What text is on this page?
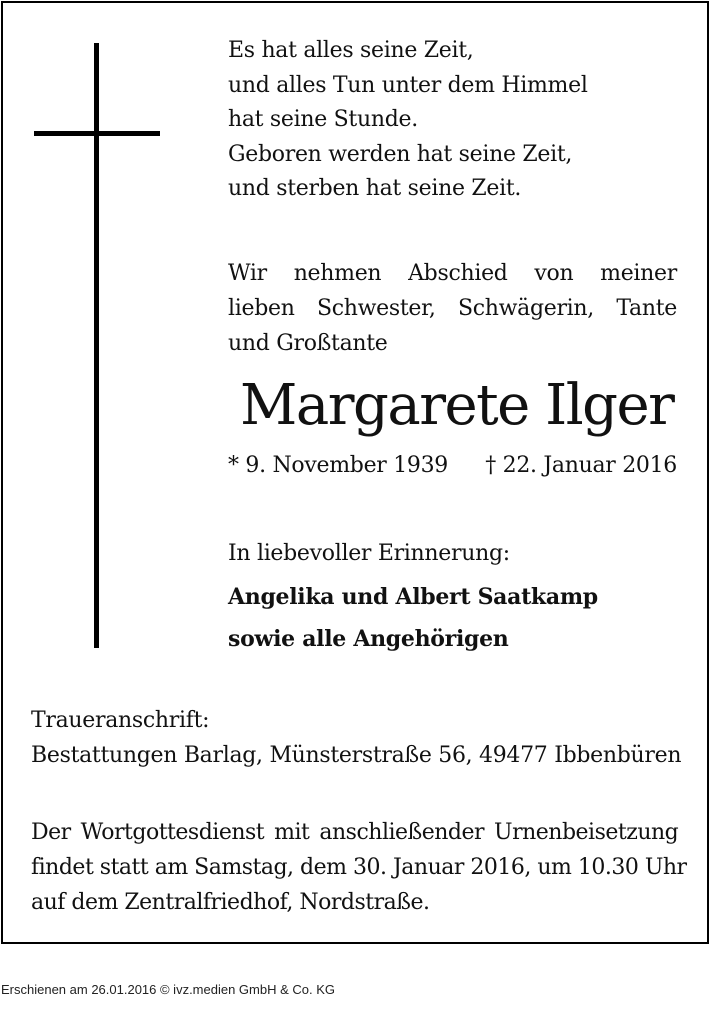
Es hat alles seine Zeit,
und alles Tun unter dem Himmel
hat seine Stunde.
Geboren werden hat seine Zeit,
und sterben hat seine Zeit.
Wir nehmen Abschied von meiner
lieben Schwester, Schwägerin, Tante
und Großtante
Margarete Ilger
* 9. November 1939 † 22. Januar 2016
In liebevoller Erinnerung:
Angelika und Albert Saatkamp
sowie alle Angehörigen
Traueranschrift:
Bestattungen Barlag, Münsterstraße 56, 49477 Ibbenbüren
Der Wortgottesdienst mit anschließender Urnenbeisetzung
findet statt am Samstag, dem 30. Januar 2016, um 10.30 Uhr
auf dem Zentralfriedhof, Nordstraße.
Erschienen am 26.01.2016 © ivz.medien GmbH & Co. KG
